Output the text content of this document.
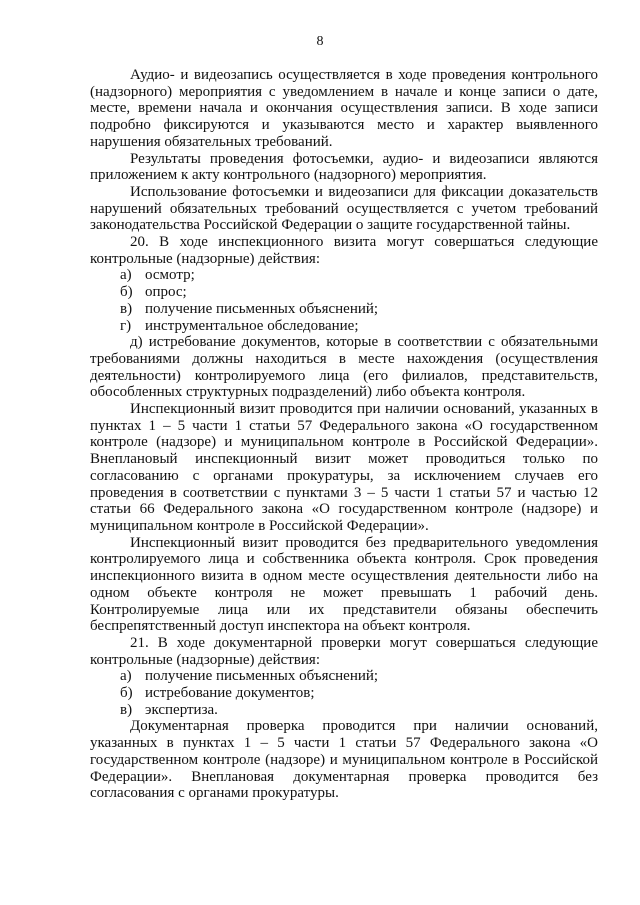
8

Аудио- и видеозапись осуществляется в ходе проведения контрольного (надзорного) мероприятия с уведомлением в начале и конце записи о дате, месте, времени начала и окончания осуществления записи. В ходе записи подробно фиксируются и указываются место и характер выявленного нарушения обязательных требований.

Результаты проведения фотосъемки, аудио- и видеозаписи являются приложением к акту контрольного (надзорного) мероприятия.

Использование фотосъемки и видеозаписи для фиксации доказательств нарушений обязательных требований осуществляется с учетом требований законодательства Российской Федерации о защите государственной тайны.

20. В ходе инспекционного визита могут совершаться следующие контрольные (надзорные) действия:

а) осмотр;
б) опрос;
в) получение письменных объяснений;
г) инструментальное обследование;

д) истребование документов, которые в соответствии с обязательными требованиями должны находиться в месте нахождения (осуществления деятельности) контролируемого лица (его филиалов, представительств, обособленных структурных подразделений) либо объекта контроля.

Инспекционный визит проводится при наличии оснований, указанных в пунктах 1 – 5 части 1 статьи 57 Федерального закона «О государственном контроле (надзоре) и муниципальном контроле в Российской Федерации». Внеплановый инспекционный визит может проводиться только по согласованию с органами прокуратуры, за исключением случаев его проведения в соответствии с пунктами 3 – 5 части 1 статьи 57 и частью 12 статьи 66 Федерального закона «О государственном контроле (надзоре) и муниципальном контроле в Российской Федерации».

Инспекционный визит проводится без предварительного уведомления контролируемого лица и собственника объекта контроля. Срок проведения инспекционного визита в одном месте осуществления деятельности либо на одном объекте контроля не может превышать 1 рабочий день. Контролируемые лица или их представители обязаны обеспечить беспрепятственный доступ инспектора на объект контроля.

21. В ходе документарной проверки могут совершаться следующие контрольные (надзорные) действия:

а) получение письменных объяснений;
б) истребование документов;
в) экспертиза.

Документарная проверка проводится при наличии оснований, указанных в пунктах 1 – 5 части 1 статьи 57 Федерального закона «О государственном контроле (надзоре) и муниципальном контроле в Российской Федерации». Внеплановая документарная проверка проводится без согласования с органами прокуратуры.
